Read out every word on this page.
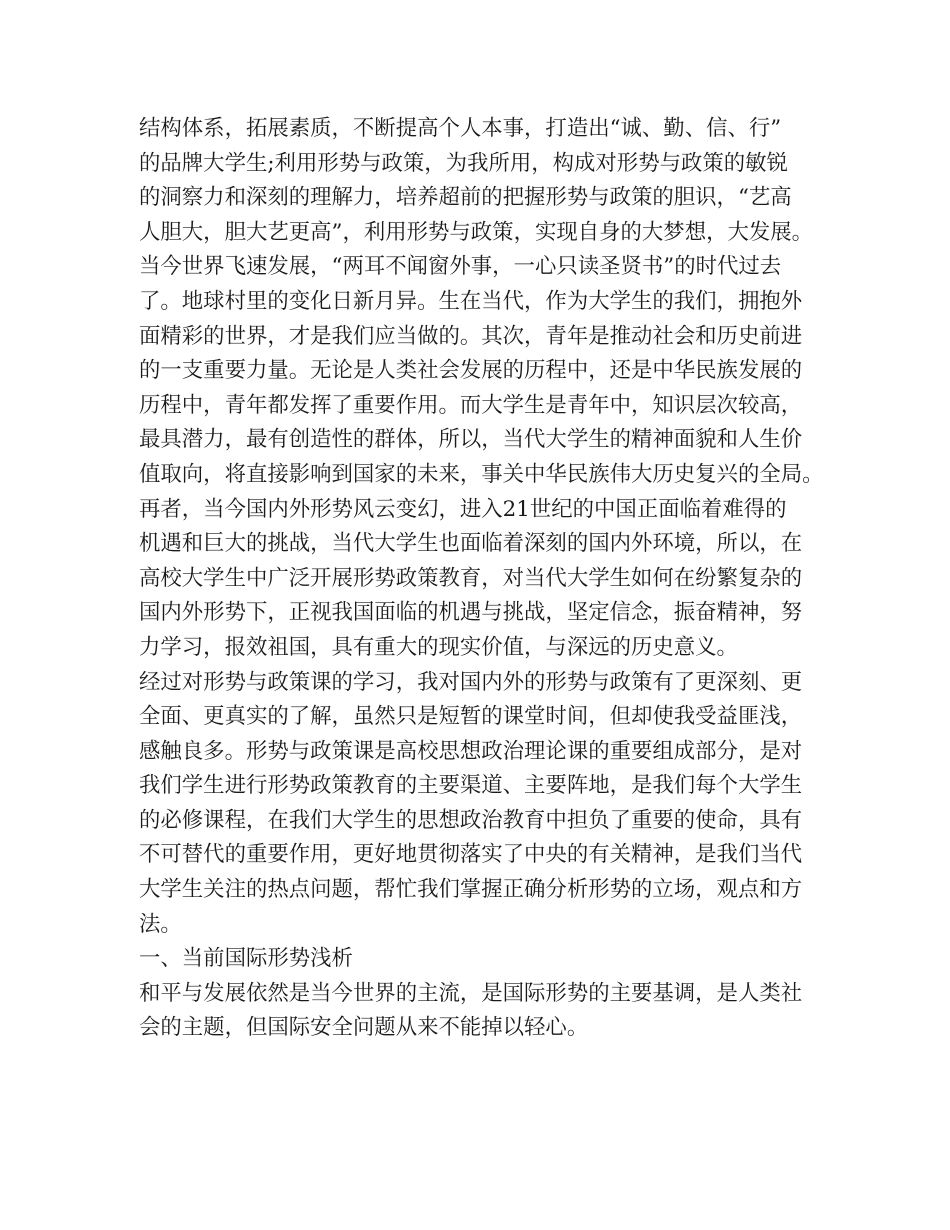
结构体系，拓展素质，不断提高个人本事，打造出“诚、勤、信、行”
的品牌大学生;利用形势与政策，为我所用，构成对形势与政策的敏锐
的洞察力和深刻的理解力，培养超前的把握形势与政策的胆识，“艺高
人胆大，胆大艺更高”，利用形势与政策，实现自身的大梦想，大发展。
当今世界飞速发展，“两耳不闻窗外事，一心只读圣贤书”的时代过去
了。地球村里的变化日新月异。生在当代，作为大学生的我们，拥抱外
面精彩的世界，才是我们应当做的。其次，青年是推动社会和历史前进
的一支重要力量。无论是人类社会发展的历程中，还是中华民族发展的
历程中，青年都发挥了重要作用。而大学生是青年中，知识层次较高，
最具潜力，最有创造性的群体，所以，当代大学生的精神面貌和人生价
值取向，将直接影响到国家的未来，事关中华民族伟大历史复兴的全局。
再者，当今国内外形势风云变幻，进入21世纪的中国正面临着难得的
机遇和巨大的挑战，当代大学生也面临着深刻的国内外环境，所以，在
高校大学生中广泛开展形势政策教育，对当代大学生如何在纷繁复杂的
国内外形势下，正视我国面临的机遇与挑战，坚定信念，振奋精神，努
力学习，报效祖国，具有重大的现实价值，与深远的历史意义。
经过对形势与政策课的学习，我对国内外的形势与政策有了更深刻、更
全面、更真实的了解，虽然只是短暂的课堂时间，但却使我受益匪浅，
感触良多。形势与政策课是高校思想政治理论课的重要组成部分，是对
我们学生进行形势政策教育的主要渠道、主要阵地，是我们每个大学生
的必修课程，在我们大学生的思想政治教育中担负了重要的使命，具有
不可替代的重要作用，更好地贯彻落实了中央的有关精神，是我们当代
大学生关注的热点问题，帮忙我们掌握正确分析形势的立场，观点和方
法。
一、当前国际形势浅析
和平与发展依然是当今世界的主流，是国际形势的主要基调，是人类社
会的主题，但国际安全问题从来不能掉以轻心。
